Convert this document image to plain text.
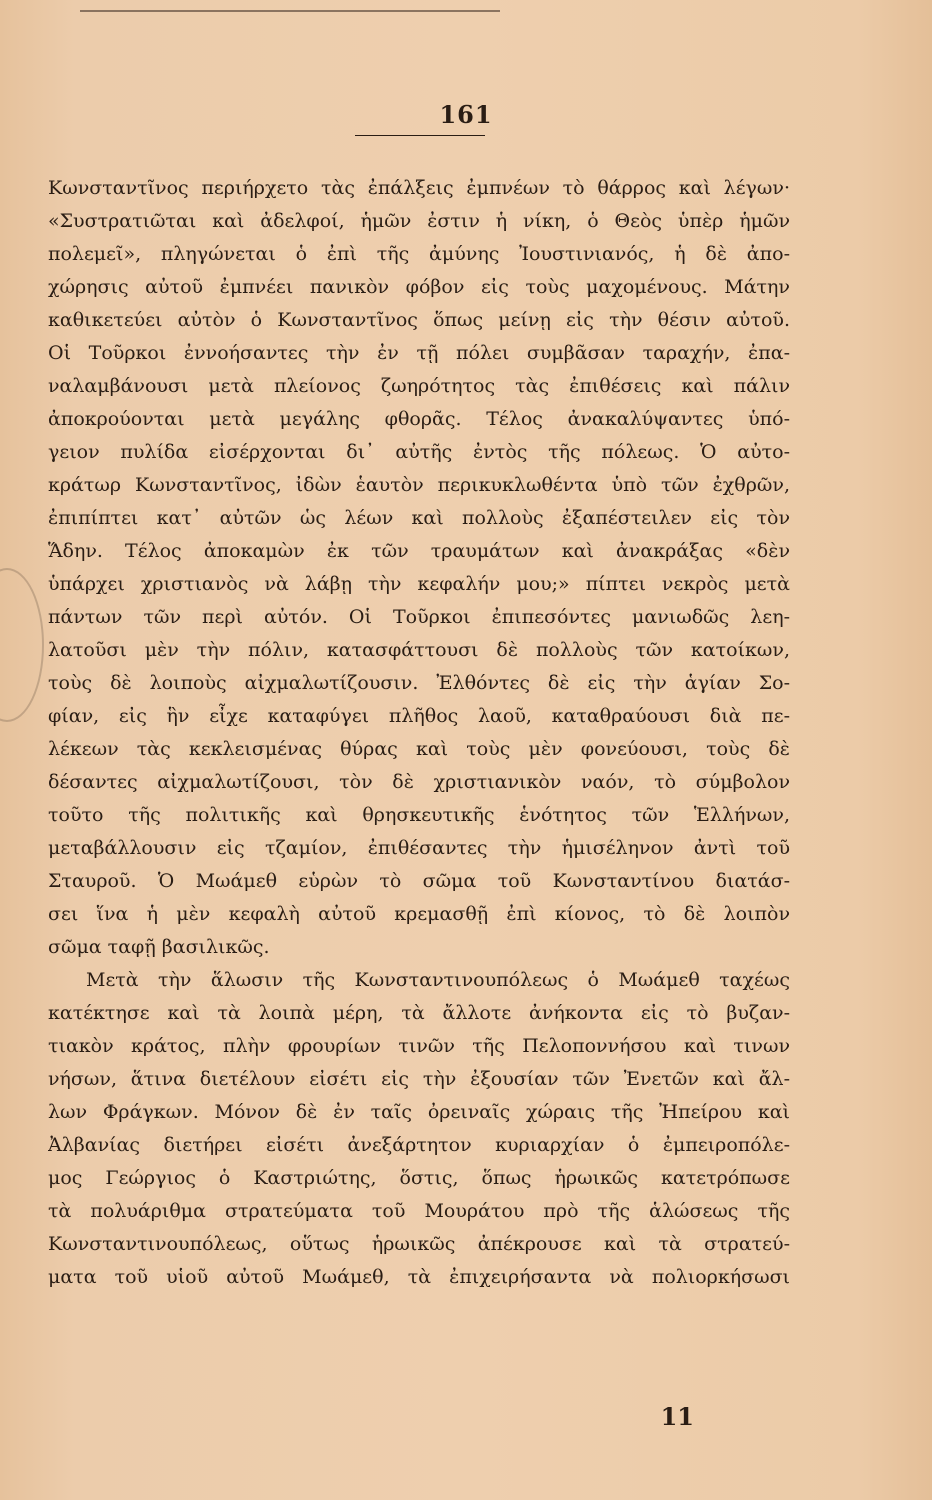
161
Κωνσταντῖνος περιήρχετο τὰς ἐπάλξεις ἐμπνέων τὸ θάρρος καὶ λέγων·
«Συστρατιῶται καὶ ἀδελφοί, ἡμῶν ἐστιν ἡ νίκη, ὁ Θεὸς ὑπὲρ ἡμῶν
πολεμεῖ», πληγώνεται ὁ ἐπὶ τῆς ἀμύνης Ἰουστινιανός, ἡ δὲ ἀπο-
χώρησις αὐτοῦ ἐμπνέει πανικὸν φόβον εἰς τοὺς μαχομένους. Μάτην
καθικετεύει αὐτὸν ὁ Κωνσταντῖνος ὅπως μείνῃ εἰς τὴν θέσιν αὐτοῦ.
Οἱ Τοῦρκοι ἐννοήσαντες τὴν ἐν τῇ πόλει συμβᾶσαν ταραχήν, ἐπα-
ναλαμβάνουσι μετὰ πλείονος ζωηρότητος τὰς ἐπιθέσεις καὶ πάλιν
ἀποκρούονται μετὰ μεγάλης φθορᾶς. Τέλος ἀνακαλύψαντες ὑπό-
γειον πυλίδα εἰσέρχονται δι᾿ αὐτῆς ἐντὸς τῆς πόλεως. Ὁ αὐτο-
κράτωρ Κωνσταντῖνος, ἰδὼν ἑαυτὸν περικυκλωθέντα ὑπὸ τῶν ἐχθρῶν,
ἐπιπίπτει κατ᾿ αὐτῶν ὡς λέων καὶ πολλοὺς ἐξαπέστειλεν εἰς τὸν
Ἅδην. Τέλος ἀποκαμὼν ἐκ τῶν τραυμάτων καὶ ἀνακράξας «δὲν
ὑπάρχει χριστιανὸς νὰ λάβῃ τὴν κεφαλήν μου;» πίπτει νεκρὸς μετὰ
πάντων τῶν περὶ αὐτόν. Οἱ Τοῦρκοι ἐπιπεσόντες μανιωδῶς λεη-
λατοῦσι μὲν τὴν πόλιν, κατασφάττουσι δὲ πολλοὺς τῶν κατοίκων,
τοὺς δὲ λοιποὺς αἰχμαλωτίζουσιν. Ἐλθόντες δὲ εἰς τὴν ἁγίαν Σο-
φίαν, εἰς ἣν εἶχε καταφύγει πλῆθος λαοῦ, καταθραύουσι διὰ πε-
λέκεων τὰς κεκλεισμένας θύρας καὶ τοὺς μὲν φονεύουσι, τοὺς δὲ
δέσαντες αἰχμαλωτίζουσι, τὸν δὲ χριστιανικὸν ναόν, τὸ σύμβολον
τοῦτο τῆς πολιτικῆς καὶ θρησκευτικῆς ἑνότητος τῶν Ἑλλήνων,
μεταβάλλουσιν εἰς τζαμίον, ἐπιθέσαντες τὴν ἡμισέληνον ἀντὶ τοῦ
Σταυροῦ. Ὁ Μωάμεθ εὑρὼν τὸ σῶμα τοῦ Κωνσταντίνου διατάσ-
σει ἵνα ἡ μὲν κεφαλὴ αὐτοῦ κρεμασθῇ ἐπὶ κίονος, τὸ δὲ λοιπὸν
σῶμα ταφῇ βασιλικῶς.
Μετὰ τὴν ἅλωσιν τῆς Κωνσταντινουπόλεως ὁ Μωάμεθ ταχέως
κατέκτησε καὶ τὰ λοιπὰ μέρη, τὰ ἄλλοτε ἀνήκοντα εἰς τὸ βυζαν-
τιακὸν κράτος, πλὴν φρουρίων τινῶν τῆς Πελοποννήσου καὶ τινων
νήσων, ἅτινα διετέλουν εἰσέτι εἰς τὴν ἐξουσίαν τῶν Ἐνετῶν καὶ ἄλ-
λων Φράγκων. Μόνον δὲ ἐν ταῖς ὀρειναῖς χώραις τῆς Ἠπείρου καὶ
Ἀλβανίας διετήρει εἰσέτι ἀνεξάρτητον κυριαρχίαν ὁ ἐμπειροπόλε-
μος Γεώργιος ὁ Καστριώτης, ὅστις, ὅπως ἡρωικῶς κατετρόπωσε
τὰ πολυάριθμα στρατεύματα τοῦ Μουράτου πρὸ τῆς ἁλώσεως τῆς
Κωνσταντινουπόλεως, οὕτως ἡρωικῶς ἀπέκρουσε καὶ τὰ στρατεύ-
ματα τοῦ υἱοῦ αὐτοῦ Μωάμεθ, τὰ ἐπιχειρήσαντα νὰ πολιορκήσωσι
11
